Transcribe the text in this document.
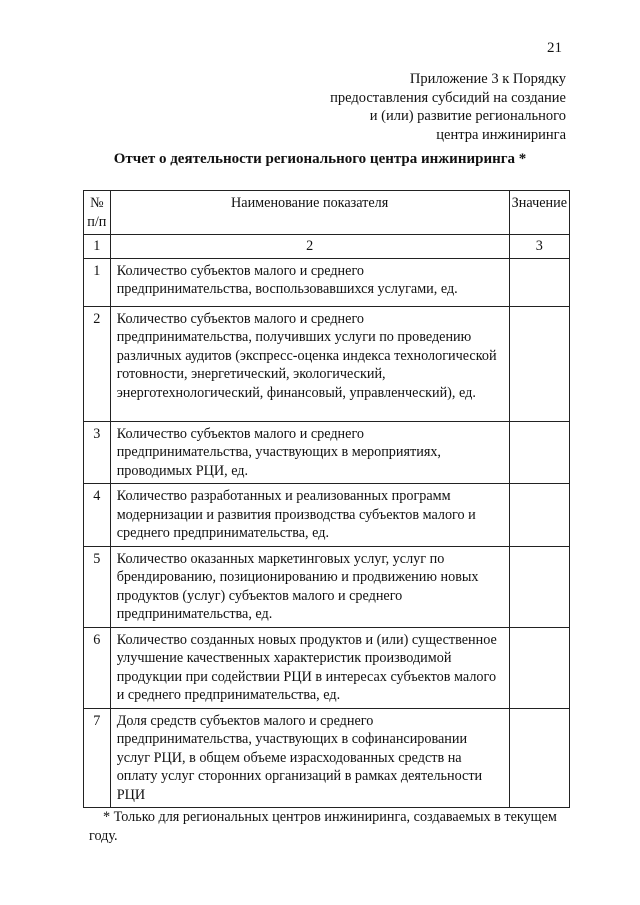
21
Приложение 3 к Порядку
предоставления субсидий на создание
и (или) развитие регионального
центра инжиниринга
Отчет о деятельности регионального центра инжиниринга *
№
п/п	Наименование показателя	Значение
1	2	3
1	Количество субъектов малого и среднего предпринимательства, воспользовавшихся услугами, ед.	
2	Количество субъектов малого и среднего предпринимательства, получивших услуги по проведению различных аудитов (экспресс-оценка индекса технологической готовности, энергетический, экологический, энерготехнологический, финансовый, управленческий), ед.	
3	Количество субъектов малого и среднего предпринимательства, участвующих в мероприятиях, проводимых РЦИ, ед.	
4	Количество разработанных и реализованных программ модернизации и развития производства субъектов малого и среднего предпринимательства, ед.	
5	Количество оказанных маркетинговых услуг, услуг по брендированию, позиционированию и продвижению новых продуктов (услуг) субъектов малого и среднего предпринимательства, ед.	
6	Количество созданных новых продуктов и (или) существенное улучшение качественных характеристик производимой продукции при содействии РЦИ в интересах субъектов малого и среднего предпринимательства, ед.	
7	Доля средств субъектов малого и среднего предпринимательства, участвующих в софинансировании услуг РЦИ, в общем объеме израсходованных средств на оплату услуг сторонних организаций в рамках деятельности РЦИ	
* Только для региональных центров инжиниринга, создаваемых в текущем году.
